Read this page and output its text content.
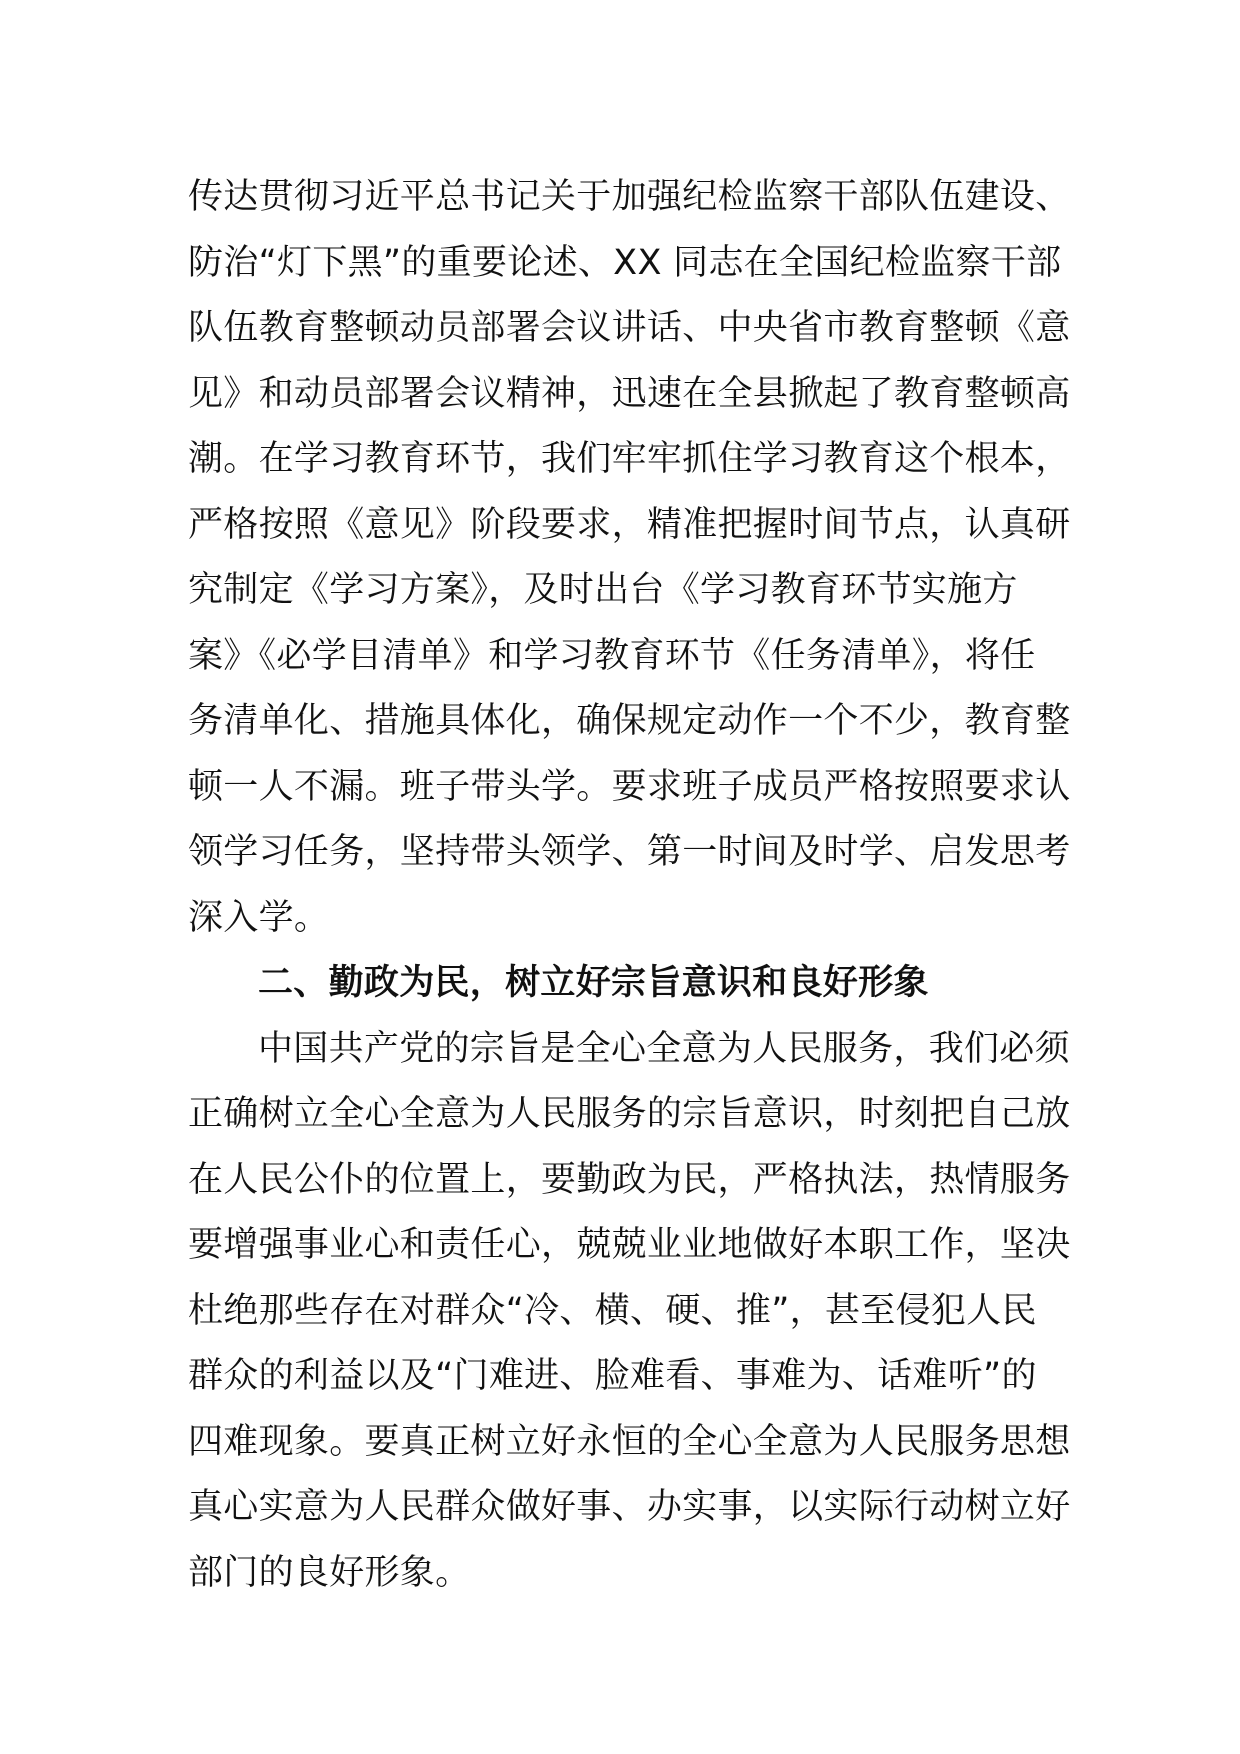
传达贯彻习近平总书记关于加强纪检监察干部队伍建设、
防治“灯下黑”的重要论述、XX 同志在全国纪检监察干部
队伍教育整顿动员部署会议讲话、中央省市教育整顿《意
见》和动员部署会议精神，迅速在全县掀起了教育整顿高
潮。在学习教育环节，我们牢牢抓住学习教育这个根本，
严格按照《意见》阶段要求，精准把握时间节点，认真研
究制定《学习方案》，及时出台《学习教育环节实施方
案》《必学目清单》和学习教育环节《任务清单》，将任
务清单化、措施具体化，确保规定动作一个不少，教育整
顿一人不漏。班子带头学。要求班子成员严格按照要求认
领学习任务，坚持带头领学、第一时间及时学、启发思考
深入学。
二、勤政为民，树立好宗旨意识和良好形象
中国共产党的宗旨是全心全意为人民服务，我们必须
正确树立全心全意为人民服务的宗旨意识，时刻把自己放
在人民公仆的位置上，要勤政为民，严格执法，热情服务
要增强事业心和责任心，兢兢业业地做好本职工作，坚决
杜绝那些存在对群众“冷、横、硬、推”，甚至侵犯人民
群众的利益以及“门难进、脸难看、事难为、话难听”的
四难现象。要真正树立好永恒的全心全意为人民服务思想
真心实意为人民群众做好事、办实事，以实际行动树立好
部门的良好形象。
